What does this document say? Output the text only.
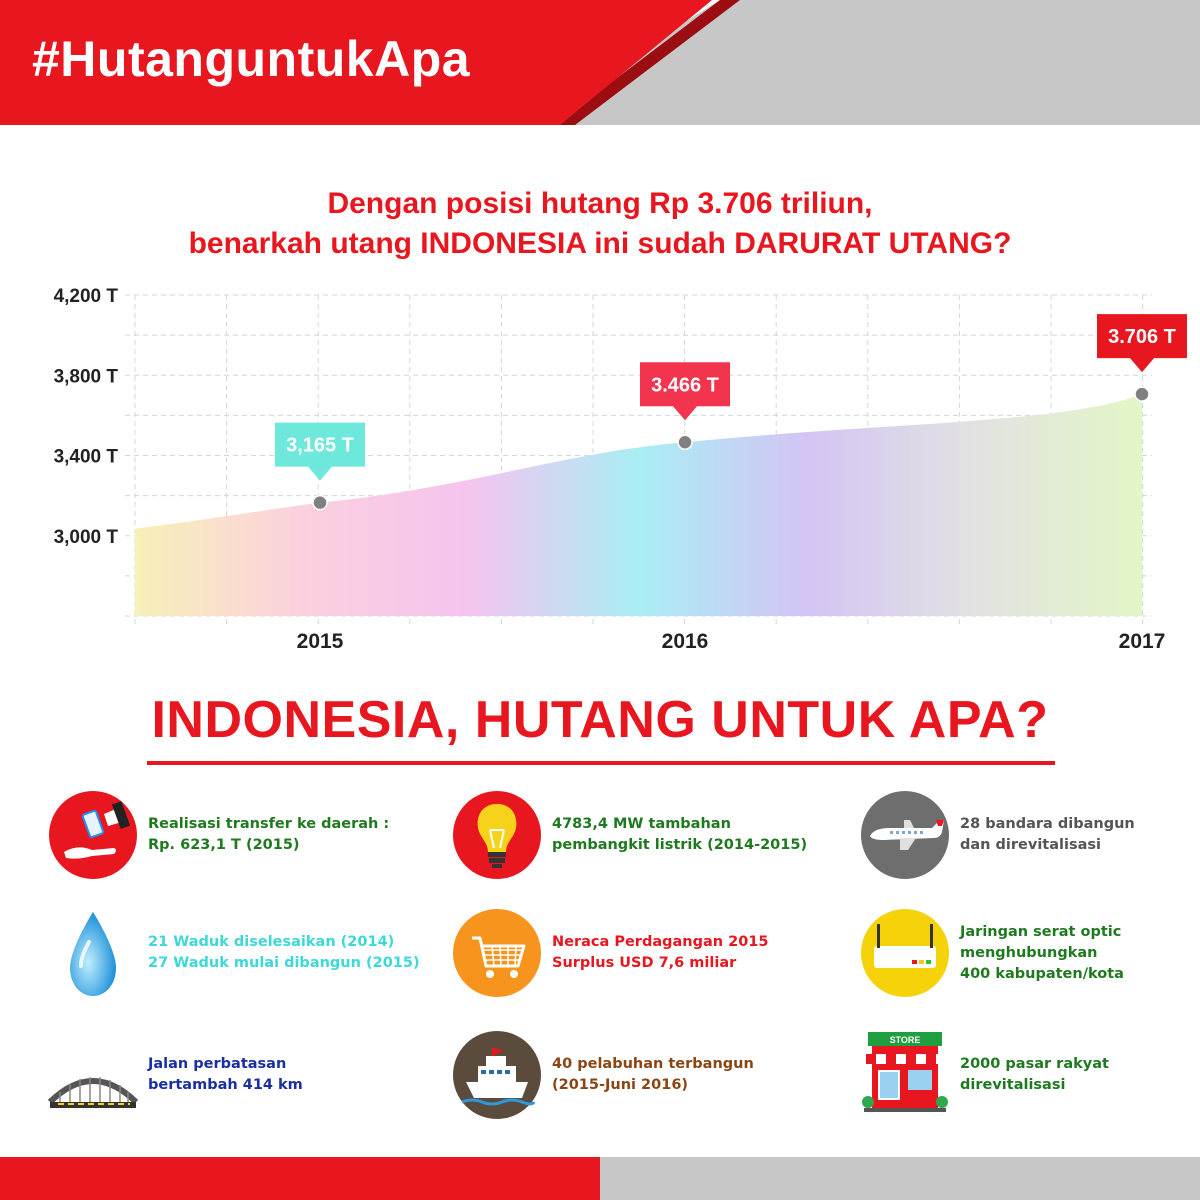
#HutanguntukApa
Dengan posisi hutang Rp 3.706 triliun,
benarkah utang INDONESIA ini sudah DARURAT UTANG?
4,200 T
3,800 T
3,400 T
3,000 T
2015	2016	2017
3,165 T
3.466 T
3.706 T
INDONESIA, HUTANG UNTUK APA?
Realisasi transfer ke daerah :
Rp. 623,1 T (2015)
4783,4 MW tambahan
pembangkit listrik (2014-2015)
28 bandara dibangun
dan direvitalisasi
21 Waduk diselesaikan (2014)
27 Waduk mulai dibangun (2015)
Neraca Perdagangan 2015
Surplus USD 7,6 miliar
Jaringan serat optic
menghubungkan
400 kabupaten/kota
Jalan perbatasan
bertambah 414 km
40 pelabuhan terbangun
(2015-Juni 2016)
STORE
2000 pasar rakyat
direvitalisasi
